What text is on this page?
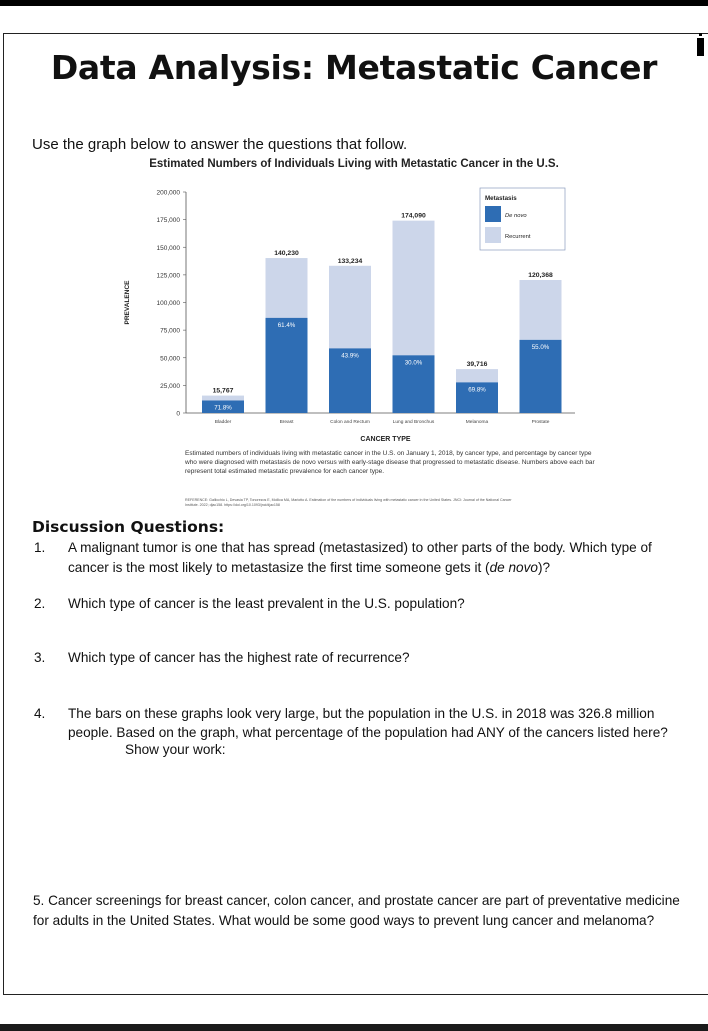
Data Analysis: Metastatic Cancer
Use the graph below to answer the questions that follow.
Estimated Numbers of Individuals Living with Metastatic Cancer in the U.S.
200,000
175,000
150,000
125,000
100,000
75,000
50,000
25,000
0
PREVALENCE
15,767
71.8%
Bladder
140,230
61.4%
Breast
133,234
43.9%
Colon and Rectum
174,090
30.0%
Lung and Bronchus
39,716
69.8%
Melanoma
120,368
55.0%
Prostate
CANCER TYPE
Metastasis
De novo
Recurrent
Estimated numbers of individuals living with metastatic cancer in the U.S. on January 1, 2018, by cancer type, and percentage by cancer type who were diagnosed with metastasis de novo versus with early-stage disease that progressed to metastatic disease. Numbers above each bar represent total estimated metastatic prevalence for each cancer type.
REFERENCE: Gallicchio L, Devasia TP, Tonorezos E, Mollica MA, Mariotto A. Estimation of the numbers of individuals living with metastatic cancer in the United States. JNCI: Journal of the National Cancer Institute. 2022; djac158. https://doi.org/10.1093/jnci/djac158
Discussion Questions:
1. A malignant tumor is one that has spread (metastasized) to other parts of the body. Which type of
cancer is the most likely to metastasize the first time someone gets it (de novo)?
2. Which type of cancer is the least prevalent in the U.S. population?
3. Which type of cancer has the highest rate of recurrence?
4. The bars on these graphs look very large, but the population in the U.S. in 2018 was 326.8 million
people. Based on the graph, what percentage of the population had ANY of the cancers listed here?
Show your work:
5. Cancer screenings for breast cancer, colon cancer, and prostate cancer are part of preventative medicine for adults in the United States. What would be some good ways to prevent lung cancer and melanoma?
